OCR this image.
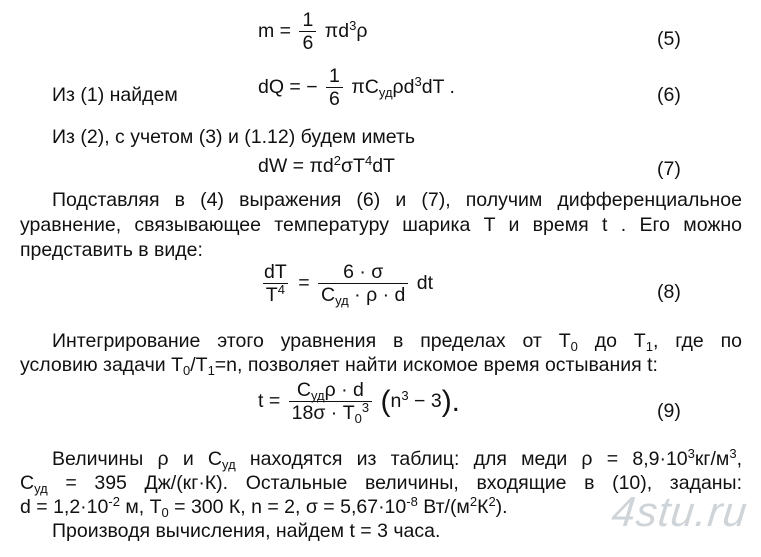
$m = \frac{1}{6} \pi d^3\rho$	(5)
Из (1) найдем	dQ = − $\frac{1}{6} \pi C_{уд}\rho d^3dT$ .	(6)
Из (2), с учетом (3) и (1.12) будем иметь
dW = $\pi d^2\sigma T^4dT$	(7)
Подставляя в (4) выражения (6) и (7), получим дифференциальное
уравнение, связывающее температуру шарика T и время t . Его можно
представить в виде:
$\frac{dT}{T^4} = \frac{6 \cdot \sigma}{C_{уд} \cdot \rho \cdot d}$ dt	(8)
Интегрирование этого уравнения в пределах от $T_0$ до $T_1$, где по
условию задачи $T_0/T_1=n$, позволяет найти искомое время остывания t:
$t = \frac{C_{уд}\rho \cdot d}{18\sigma \cdot T_0^3} (n^3 - 3)$.	(9)
4stu.ru
Величины ρ и $C_{уд}$ находятся из таблиц: для меди $\rho = 8,9\cdot 10^3кг/м^3$,
$C_{уд} = 395$ Дж/(кг·К). Остальные величины, входящие в (10), заданы:
$d = 1,2\cdot 10^{-2}$ м, $T_0 = 300$ К, n = 2, $\sigma = 5,67\cdot 10^{-8}$ $Вт/(м^2К^2)$.
Производя вычисления, найдем t = 3 часа.
